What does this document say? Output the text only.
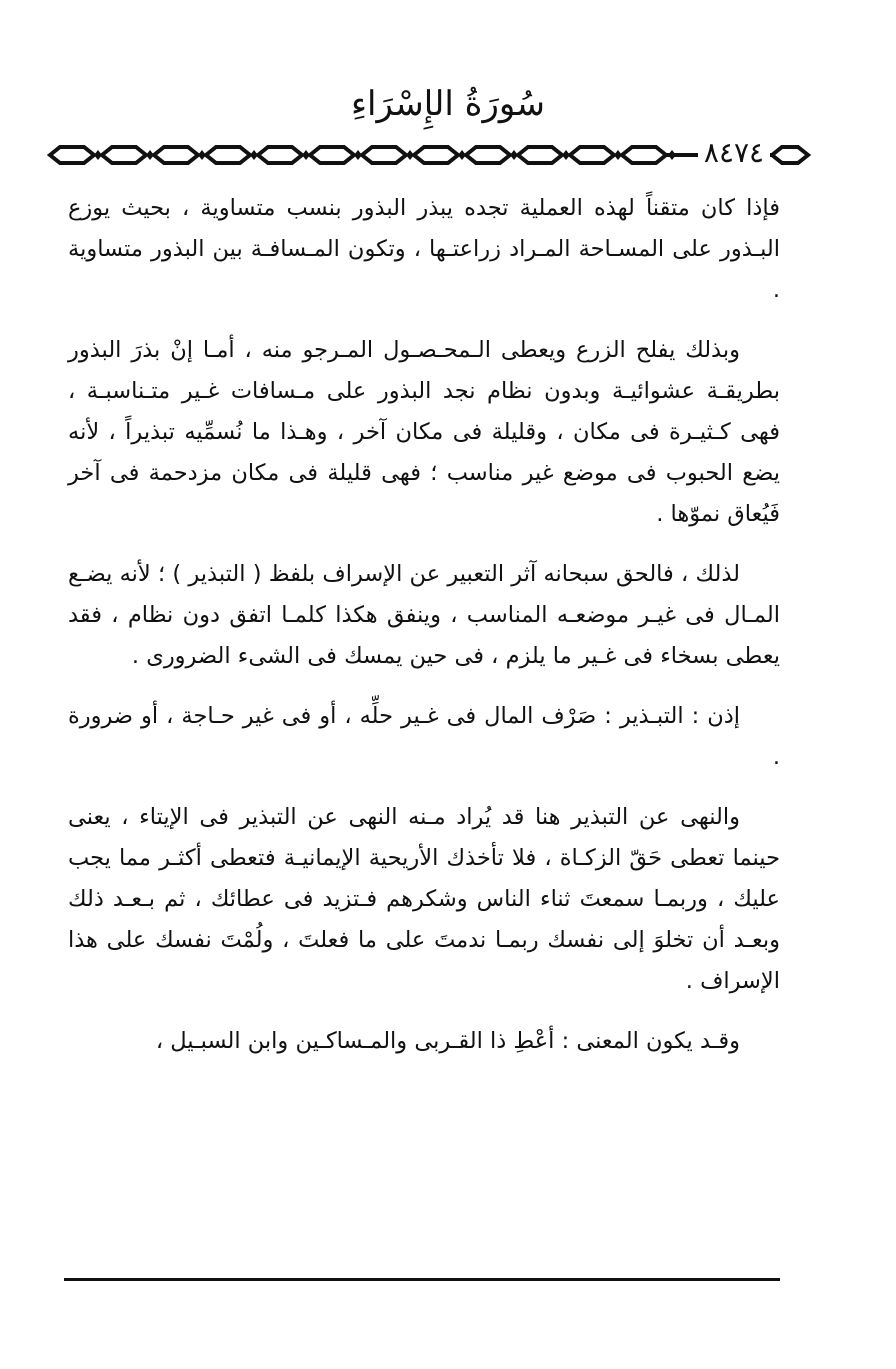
سُورَةُ الإِسْرَاءِ
٨٤٧٤

فإذا كان متقناً لهذه العملية تجده يبذر البذور بنسب متساوية ، بحيث يوزع البـذور على المسـاحة المـراد زراعتـها ، وتكون المـسافـة بين البذور متساوية .

وبذلك يفلح الزرع ويعطى الـمحـصـول المـرجو منه ، أمـا إنْ بذرَ البذور بطريقـة عشوائيـة وبدون نظام نجد البذور على مـسافات غـير متـناسبـة ، فهى كـثيـرة فى مكان ، وقليلة فى مكان آخر ، وهـذا ما نُسمِّيه تبذيراً ، لأنه يضع الحبوب فى موضع غير مناسب ؛ فهى قليلة فى مكان مزدحمة فى آخر فَيُعاق نموّها .

لذلك ، فالحق سبحانه آثر التعبير عن الإسراف بلفظ ( التبذير ) ؛ لأنه يضـع المـال فى غيـر موضعـه المناسب ، وينفق هكذا كلمـا اتفق دون نظام ، فقد يعطى بسخاء فى غـير ما يلزم ، فى حين يمسك فى الشىء الضرورى .

إذن : التبـذير : صَرْف المال فى غـير حلِّه ، أو فى غير حـاجة ، أو ضرورة .

والنهى عن التبذير هنا قد يُراد مـنه النهى عن التبذير فى الإيتاء ، يعنى حينما تعطى حَقّ الزكـاة ، فلا تأخذك الأريحية الإيمانيـة فتعطى أكثـر مما يجب عليك ، وربمـا سمعتَ ثناء الناس وشكرهم فـتزيد فى عطائك ، ثم بـعـد ذلك وبعـد أن تخلوَ إلى نفسك ربمـا ندمتَ على ما فعلتَ ، ولُمْتَ نفسك على هذا الإسراف .

وقـد يكون المعنى : أعْطِ ذا القـربى والمـساكـين وابن السبـيل ،
